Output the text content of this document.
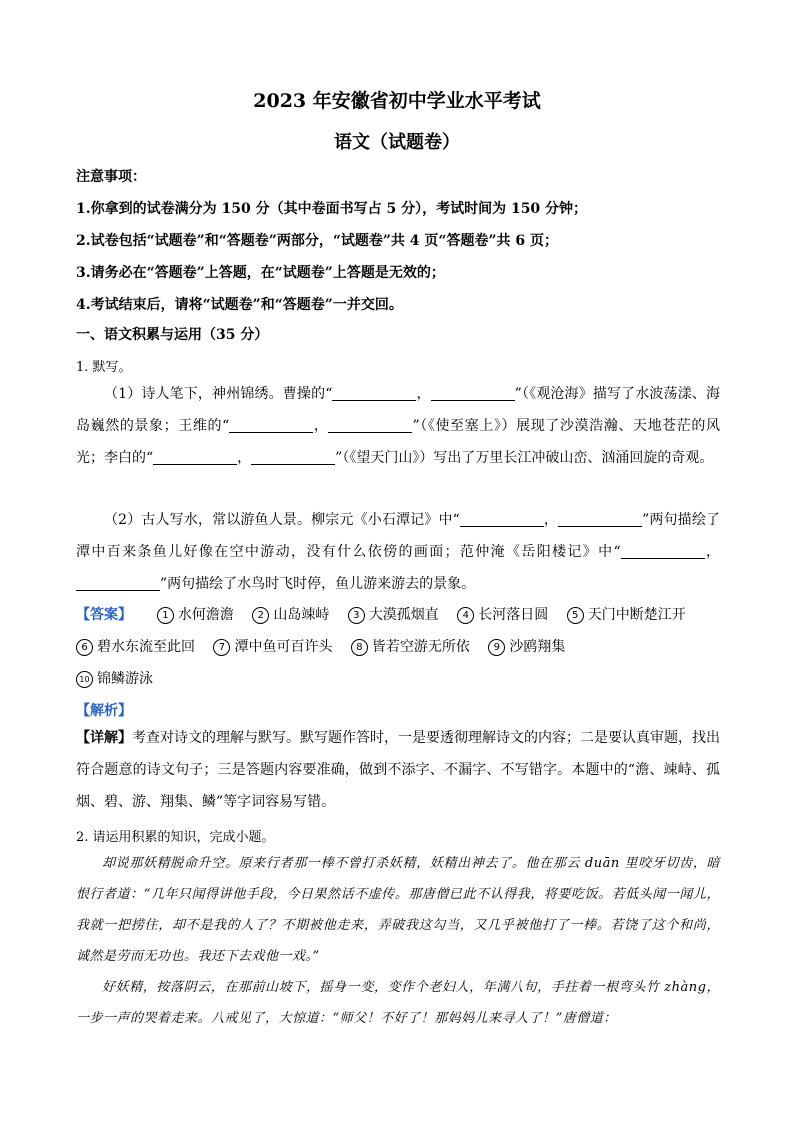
2023 年安徽省初中学业水平考试
语文（试题卷）
注意事项：
1.你拿到的试卷满分为 150 分（其中卷面书写占 5 分），考试时间为 150 分钟；
2.试卷包括“试题卷”和“答题卷”两部分，“试题卷”共 4 页“答题卷”共 6 页；
3.请务必在“答题卷”上答题，在“试题卷”上答题是无效的；
4.考试结束后，请将“试题卷”和“答题卷”一并交回。
一、语文积累与运用（35 分）
1. 默写。
（1）诗人笔下，神州锦绣。曹操的“	，	”（《观沧海》描写了水波荡漾、海岛巍然的景象；王维的“	，	”（《使至塞上》）展现了沙漠浩瀚、天地苍茫的风光；李白的“	，	”（《望天门山》）写出了万里长江冲破山峦、汹涌回旋的奇观。
（2）古人写水，常以游鱼人景。柳宗元《小石潭记》中“	，	”两句描绘了潭中百来条鱼儿好像在空中游动，没有什么依傍的画面；范仲淹《岳阳楼记》中“	，”两句描绘了水鸟时飞时停，鱼儿游来游去的景象。
【答案】	1 水何澹澹 2 山岛竦峙 3 大漠孤烟直 4 长河落日圆 5 天门中断楚江开
6 碧水东流至此回 7 潭中鱼可百许头 8 皆若空游无所依 9 沙鸥翔集
10 锦鳞游泳
【解析】
【详解】考查对诗文的理解与默写。默写题作答时，一是要透彻理解诗文的内容；二是要认真审题，找出符合题意的诗文句子；三是答题内容要准确，做到不添字、不漏字、不写错字。本题中的“澹、竦峙、孤烟、碧、游、翔集、鳞”等字词容易写错。
2. 请运用积累的知识，完成小题。
却说那妖精脱命升空。原来行者那一棒不曾打杀妖精，妖精出神去了。他在那云 duān 里咬牙切齿，暗恨行者道：“几年只闻得讲他手段，今日果然话不虚传。那唐僧已此不认得我，将要吃饭。若低头闻一闻儿，我就一把捞住，却不是我的人了？不期被他走来，弄破我这勾当，又几乎被他打了一棒。若饶了这个和尚，诚然是劳而无功也。我还下去戏他一戏。”
好妖精，按落阴云，在那前山坡下，摇身一变，变作个老妇人，年满八旬，手拄着一根弯头竹 zhàng，一步一声的哭着走来。八戒见了，大惊道：“师父！不好了！那妈妈儿来寻人了！”唐僧道：
